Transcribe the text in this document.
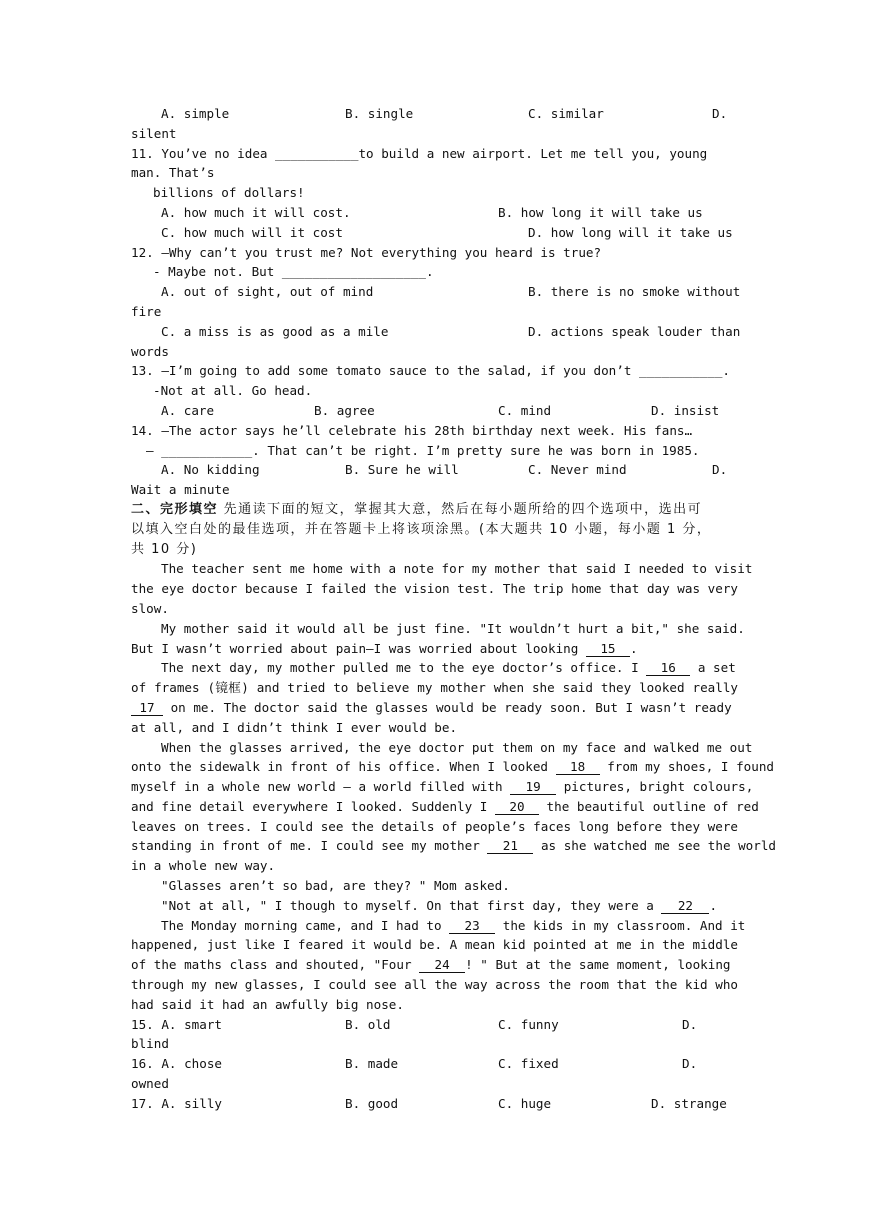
A. simple

	B. single

	C. similar

	D.

silent
11. You’ve no idea ___________to build a new airport. Let me tell you, young man. That’s
billions of dollars!

A. how much it will cost.

	B. how long it will take us

C. how much will it cost

	D. how long will it take us

12. –Why can’t you trust me? Not everything you heard is true?
- Maybe not. But ___________________.

A. out of sight, out of mind

	B. there is no smoke without

fire

C. a miss is as good as a mile

	D. actions speak louder than

words
13. –I’m going to add some tomato sauce to the salad, if you don’t ___________.
-Not at all. Go head.

A. care

	B. agree

	C. mind

	D. insist

14. –The actor says he’ll celebrate his 28th birthday next week. His fans…
– ____________. That can’t be right. I’m pretty sure he was born in 1985.

A. No kidding

	B. Sure he will

	C. Never mind

	D.

Wait a minute
二、完形填空 先通读下面的短文，掌握其大意，然后在每小题所给的四个选项中，选出可
以填入空白处的最佳选项，并在答题卡上将该项涂黑。(本大题共 10 小题，每小题 1 分，
共 10 分)
The teacher sent me home with a note for my mother that said I needed to visit
the eye doctor because I failed the vision test. The trip home that day was very
slow.
My mother said it would all be just fine. "It wouldn’t hurt a bit," she said.
But I wasn’t worried about pain—I was worried about looking 15 .
The next day, my mother pulled me to the eye doctor’s office. I 16 a set
of frames (镜框) and tried to believe my mother when she said they looked really
17 on me. The doctor said the glasses would be ready soon. But I wasn’t ready
at all, and I didn’t think I ever would be.
When the glasses arrived, the eye doctor put them on my face and walked me out
onto the sidewalk in front of his office. When I looked 18 from my shoes, I found
myself in a whole new world – a world filled with 19 pictures, bright colours,
and fine detail everywhere I looked. Suddenly I 20 the beautiful outline of red
leaves on trees. I could see the details of people’s faces long before they were
standing in front of me. I could see my mother 21 as she watched me see the world
in a whole new way.
"Glasses aren’t so bad, are they? " Mom asked.
"Not at all, " I though to myself. On that first day, they were a 22 .
The Monday morning came, and I had to 23 the kids in my classroom. And it
happened, just like I feared it would be. A mean kid pointed at me in the middle
of the maths class and shouted, "Four 24 ! " But at the same moment, looking
through my new glasses, I could see all the way across the room that the kid who
had said it had an awfully big nose.

15. A. smart

	B. old

	C. funny

	D.

blind

16. A. chose

	B. made

	C. fixed

	D.

owned

17. A. silly

	B. good

	C. huge

	D. strange
